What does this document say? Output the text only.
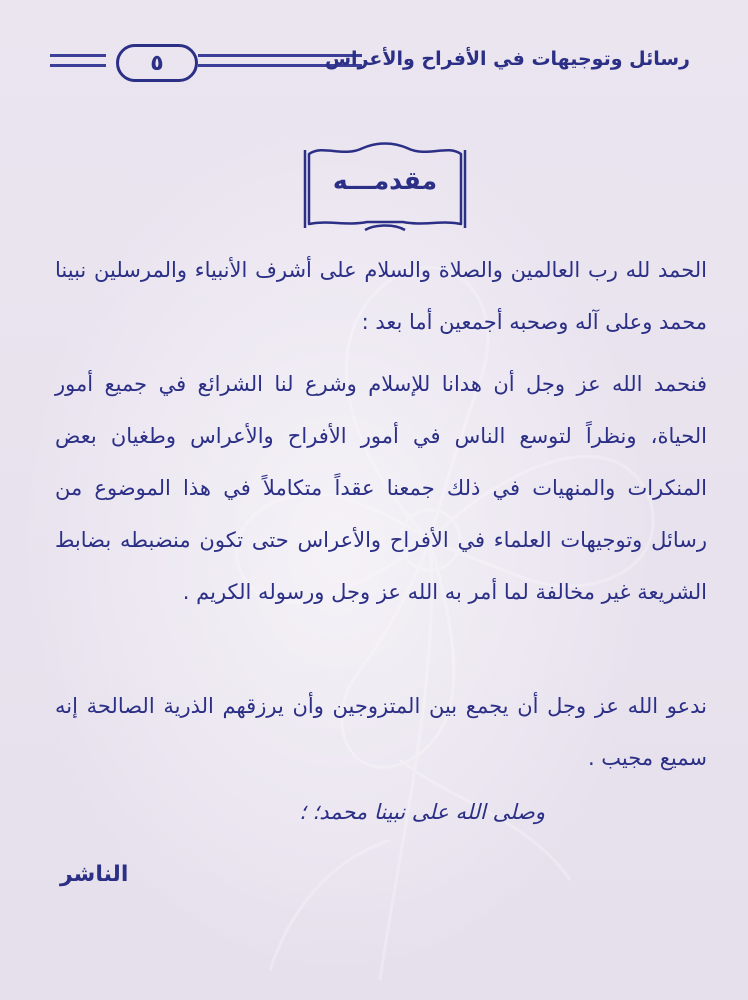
٥	رسائل وتوجيهات في الأفراح والأعراس
مقدمـــه
الحمد لله رب العالمين والصلاة والسلام على أشرف الأنبياء والمرسلين نبينا محمد وعلى آله وصحبه أجمعين أما بعد :
فنحمد الله عز وجل أن هدانا للإسلام وشرع لنا الشرائع في جميع أمور الحياة، ونظراً لتوسع الناس في أمور الأفراح والأعراس وطغيان بعض المنكرات والمنهيات في ذلك جمعنا عقداً متكاملاً في هذا الموضوع من رسائل وتوجيهات العلماء في الأفراح والأعراس حتى تكون منضبطه بضابط الشريعة غير مخالفة لما أمر به الله عز وجل ورسوله الكريم .
ندعو الله عز وجل أن يجمع بين المتزوجين وأن يرزقهم الذرية الصالحة إنه سميع مجيب .
وصلى الله على نبينا محمد؛ ؛
الناشر
